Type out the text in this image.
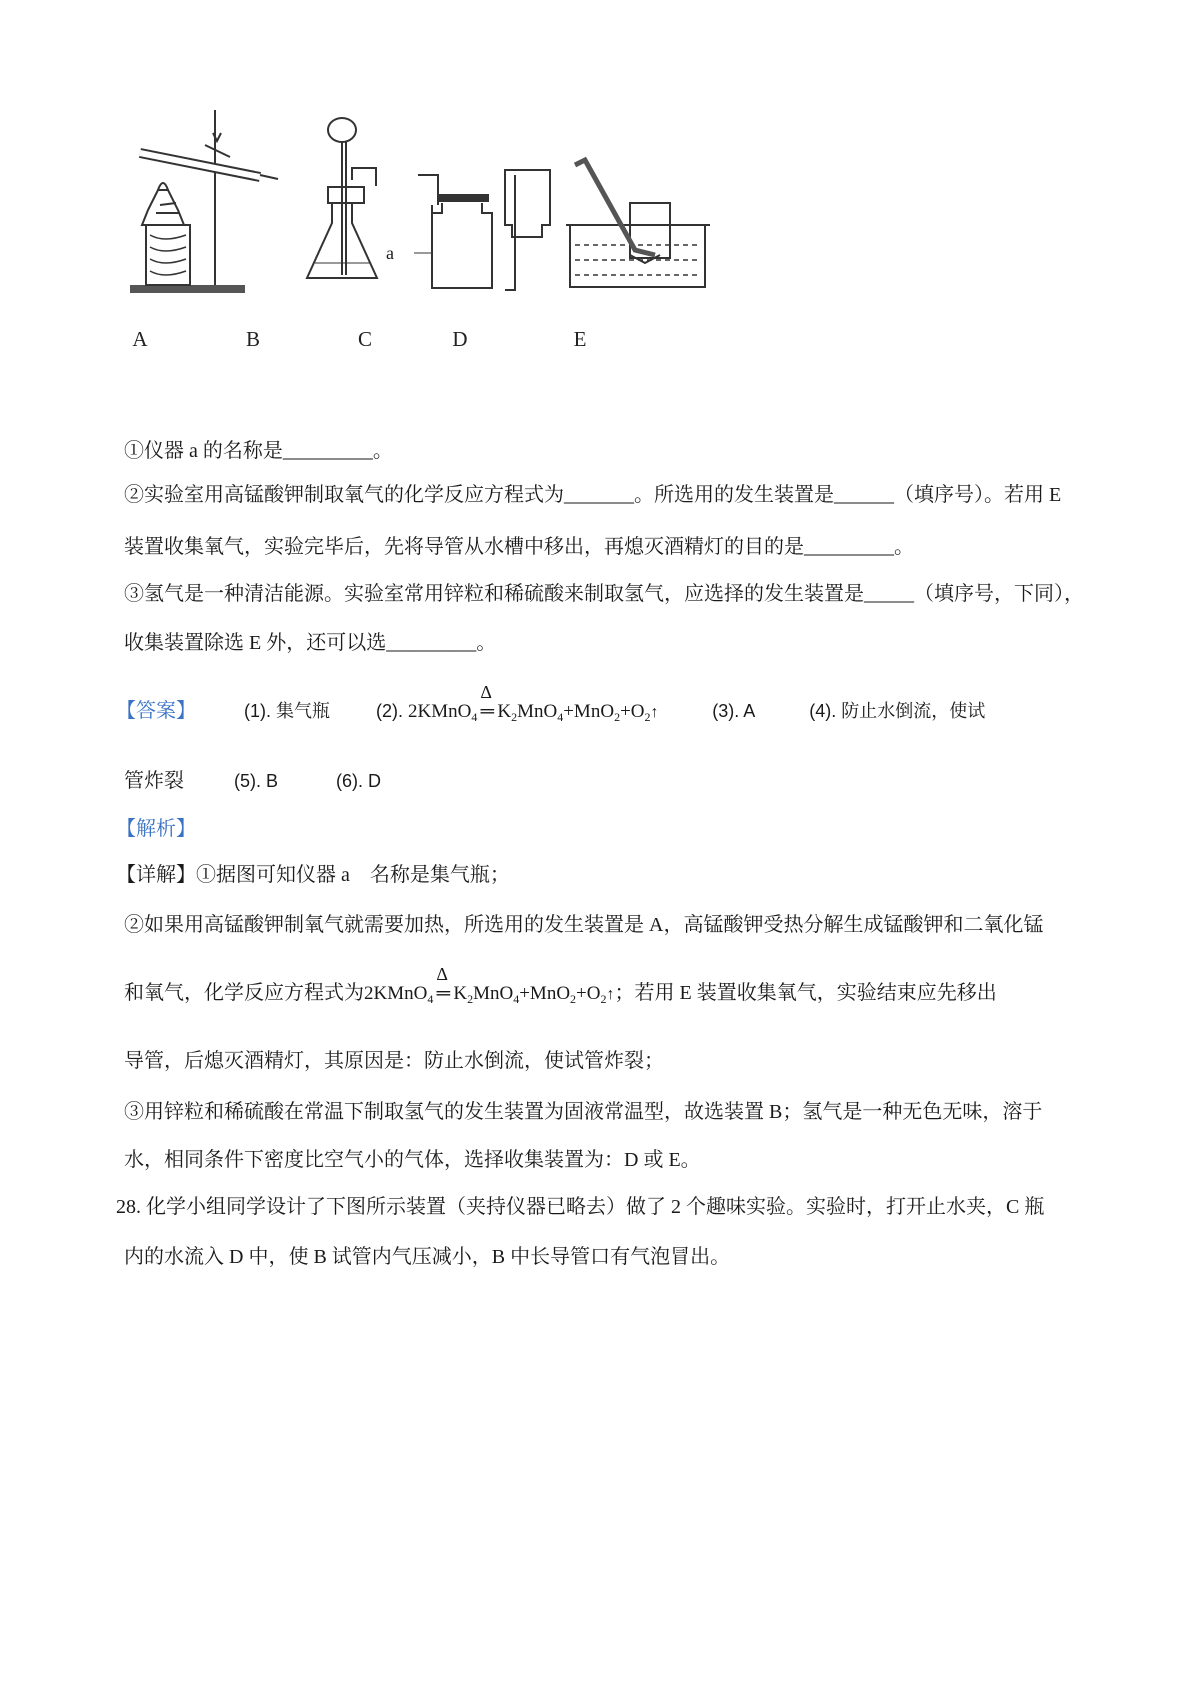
A	B	C	D	E
a
①仪器 a 的名称是_________。
②实验室用高锰酸钾制取氧气的化学反应方程式为_______。所选用的发生装置是______（填序号）。若用 E
装置收集氧气，实验完毕后，先将导管从水槽中移出，再熄灭酒精灯的目的是_________。
③氢气是一种清洁能源。实验室常用锌粒和稀硫酸来制取氢气，应选择的发生装置是_____（填序号，下同），
收集装置除选 E 外，还可以选_________。
【答案】	(1). 集气瓶	(2). 2KMnO$_4$
Δ
═ $K_2MnO_4+MnO_2+O_2↑$	(3). A	(4). 防止水倒流，使试
管炸裂	(5). B	(6). D
【解析】
【详解】①据图可知仪器 a　名称是集气瓶；
②如果用高锰酸钾制氧气就需要加热，所选用的发生装置是 A，高锰酸钾受热分解生成锰酸钾和二氧化锰
和氧气，化学反应方程式为2KMnO$_4$
Δ
═ $K_2MnO_4+MnO_2+O_2↑$；若用 E 装置收集氧气，实验结束应先移出
导管，后熄灭酒精灯，其原因是：防止水倒流，使试管炸裂；
③用锌粒和稀硫酸在常温下制取氢气的发生装置为固液常温型，故选装置 B；氢气是一种无色无味，溶于
水，相同条件下密度比空气小的气体，选择收集装置为：D 或 E。
28. 化学小组同学设计了下图所示装置（夹持仪器已略去）做了 2 个趣味实验。实验时，打开止水夹，C 瓶
内的水流入 D 中，使 B 试管内气压减小，B 中长导管口有气泡冒出。
